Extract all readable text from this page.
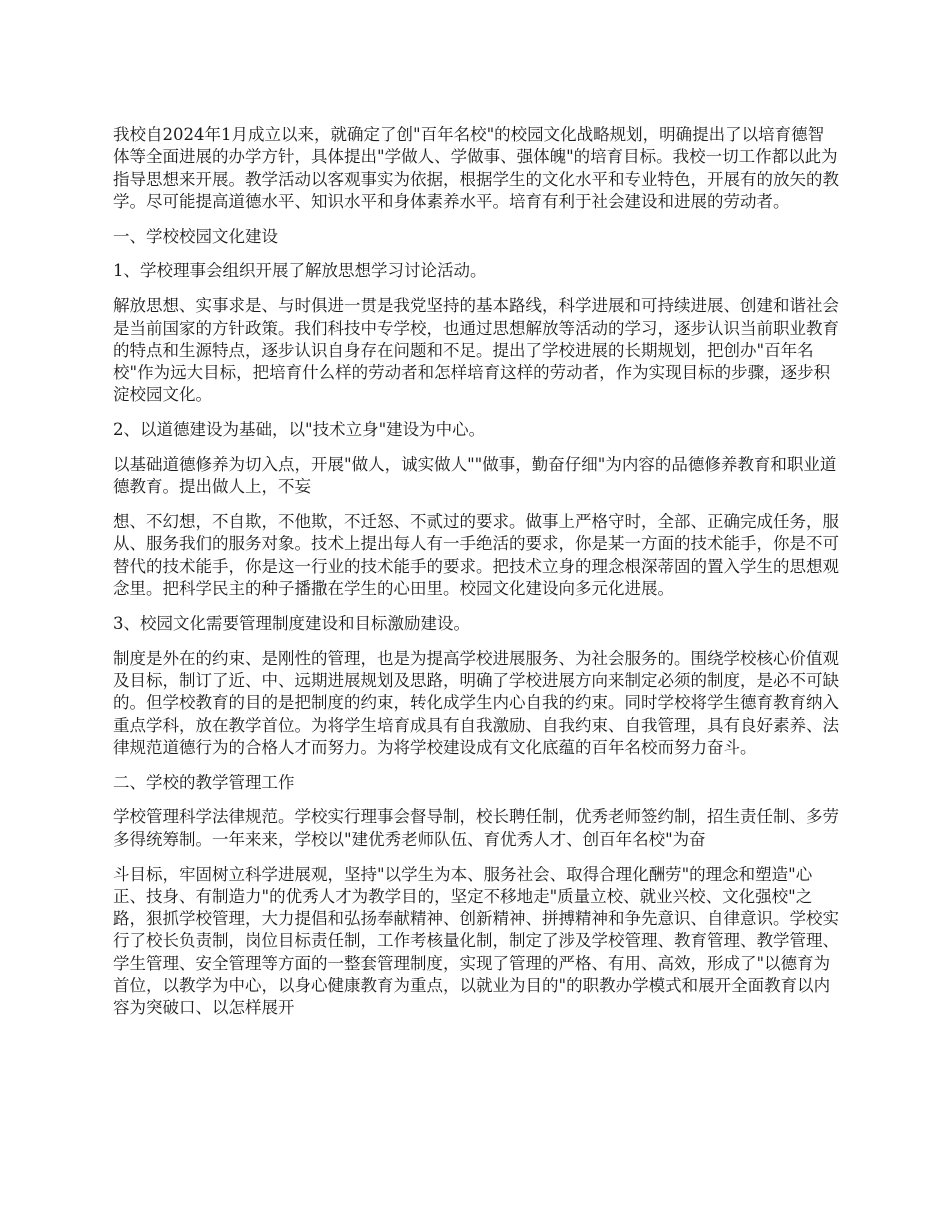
我校自2024年1月成立以来，就确定了创"百年名校"的校园文化战略规划，明确提出了以培育德智体等全面进展的办学方针，具体提出"学做人、学做事、强体魄"的培育目标。我校一切工作都以此为指导思想来开展。教学活动以客观事实为依据，根据学生的文化水平和专业特色，开展有的放矢的教学。尽可能提高道德水平、知识水平和身体素养水平。培育有利于社会建设和进展的劳动者。

一、学校校园文化建设

1、学校理事会组织开展了解放思想学习讨论活动。

解放思想、实事求是、与时俱进一贯是我党坚持的基本路线，科学进展和可持续进展、创建和谐社会是当前国家的方针政策。我们科技中专学校，也通过思想解放等活动的学习，逐步认识当前职业教育的特点和生源特点，逐步认识自身存在问题和不足。提出了学校进展的长期规划，把创办"百年名校"作为远大目标，把培育什么样的劳动者和怎样培育这样的劳动者，作为实现目标的步骤，逐步积淀校园文化。

2、以道德建设为基础，以"技术立身"建设为中心。

以基础道德修养为切入点，开展"做人，诚实做人""做事，勤奋仔细"为内容的品德修养教育和职业道德教育。提出做人上，不妄

想、不幻想，不自欺，不他欺，不迁怒、不贰过的要求。做事上严格守时，全部、正确完成任务，服从、服务我们的服务对象。技术上提出每人有一手绝活的要求，你是某一方面的技术能手，你是不可替代的技术能手，你是这一行业的技术能手的要求。把技术立身的理念根深蒂固的置入学生的思想观念里。把科学民主的种子播撒在学生的心田里。校园文化建设向多元化进展。

3、校园文化需要管理制度建设和目标激励建设。

制度是外在的约束、是刚性的管理，也是为提高学校进展服务、为社会服务的。围绕学校核心价值观及目标，制订了近、中、远期进展规划及思路，明确了学校进展方向来制定必须的制度，是必不可缺的。但学校教育的目的是把制度的约束，转化成学生内心自我的约束。同时学校将学生德育教育纳入重点学科，放在教学首位。为将学生培育成具有自我激励、自我约束、自我管理，具有良好素养、法律规范道德行为的合格人才而努力。为将学校建设成有文化底蕴的百年名校而努力奋斗。

二、学校的教学管理工作

学校管理科学法律规范。学校实行理事会督导制，校长聘任制，优秀老师签约制，招生责任制、多劳多得统筹制。一年来来，学校以"建优秀老师队伍、育优秀人才、创百年名校"为奋

斗目标，牢固树立科学进展观，坚持"以学生为本、服务社会、取得合理化酬劳"的理念和塑造"心正、技身、有制造力"的优秀人才为教学目的，坚定不移地走"质量立校、就业兴校、文化强校"之路，狠抓学校管理，大力提倡和弘扬奉献精神、创新精神、拼搏精神和争先意识、自律意识。学校实行了校长负责制，岗位目标责任制，工作考核量化制，制定了涉及学校管理、教育管理、教学管理、学生管理、安全管理等方面的一整套管理制度，实现了管理的严格、有用、高效，形成了"以德育为首位，以教学为中心，以身心健康教育为重点，以就业为目的"的职教办学模式和展开全面教育以内容为突破口、以怎样展开
